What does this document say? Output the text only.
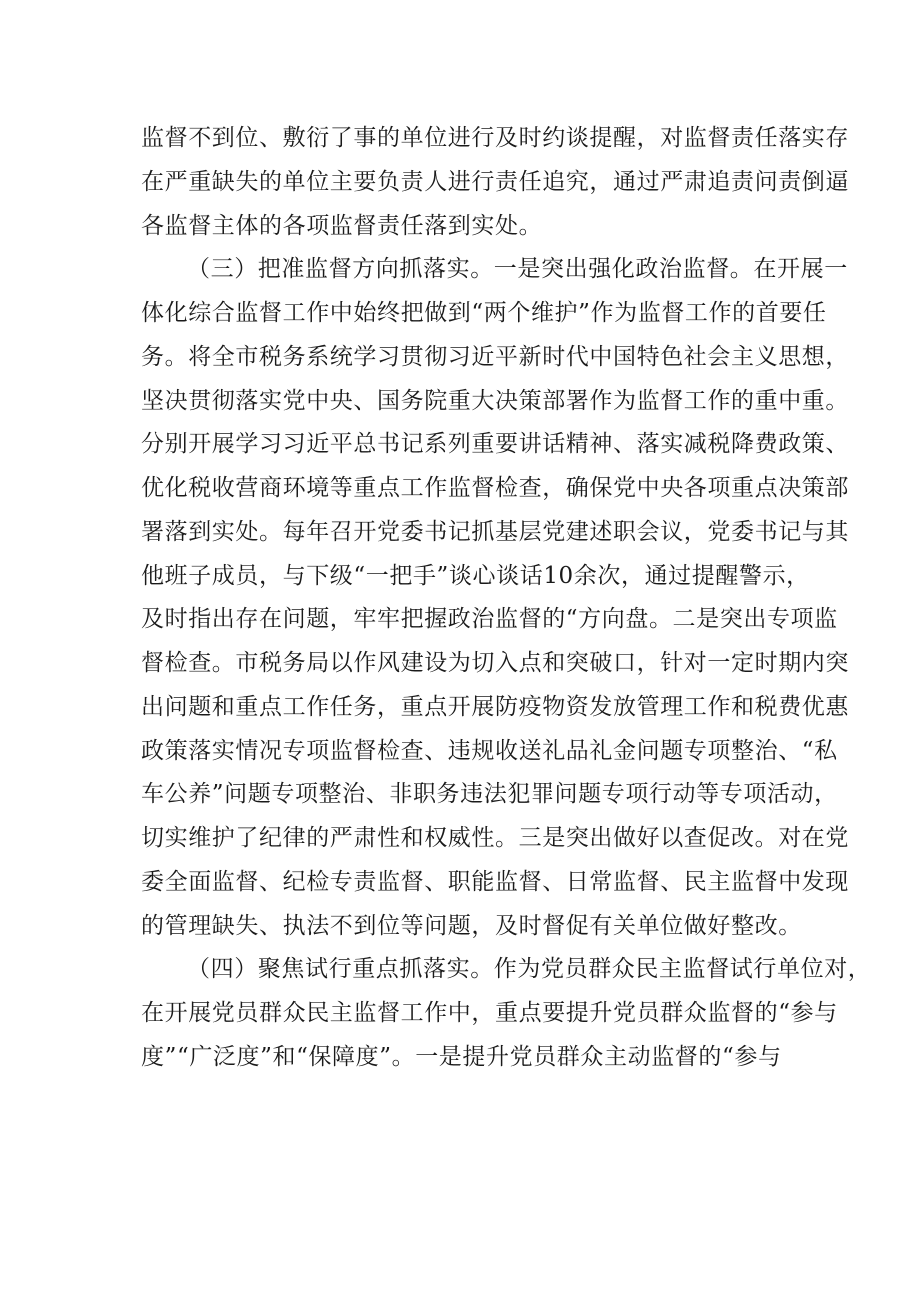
监督不到位、敷衍了事的单位进行及时约谈提醒，对监督责任落实存
在严重缺失的单位主要负责人进行责任追究，通过严肃追责问责倒逼
各监督主体的各项监督责任落到实处。
（三）把准监督方向抓落实。一是突出强化政治监督。在开展一
体化综合监督工作中始终把做到“两个维护”作为监督工作的首要任
务。将全市税务系统学习贯彻习近平新时代中国特色社会主义思想，
坚决贯彻落实党中央、国务院重大决策部署作为监督工作的重中重。
分别开展学习习近平总书记系列重要讲话精神、落实减税降费政策、
优化税收营商环境等重点工作监督检查，确保党中央各项重点决策部
署落到实处。每年召开党委书记抓基层党建述职会议，党委书记与其
他班子成员，与下级“一把手”谈心谈话10余次，通过提醒警示，
及时指出存在问题，牢牢把握政治监督的“方向盘。二是突出专项监
督检查。市税务局以作风建设为切入点和突破口，针对一定时期内突
出问题和重点工作任务，重点开展防疫物资发放管理工作和税费优惠
政策落实情况专项监督检查、违规收送礼品礼金问题专项整治、“私
车公养”问题专项整治、非职务违法犯罪问题专项行动等专项活动，
切实维护了纪律的严肃性和权威性。三是突出做好以查促改。对在党
委全面监督、纪检专责监督、职能监督、日常监督、民主监督中发现
的管理缺失、执法不到位等问题，及时督促有关单位做好整改。
（四）聚焦试行重点抓落实。作为党员群众民主监督试行单位对，
在开展党员群众民主监督工作中，重点要提升党员群众监督的“参与
度”“广泛度”和“保障度”。一是提升党员群众主动监督的“参与
